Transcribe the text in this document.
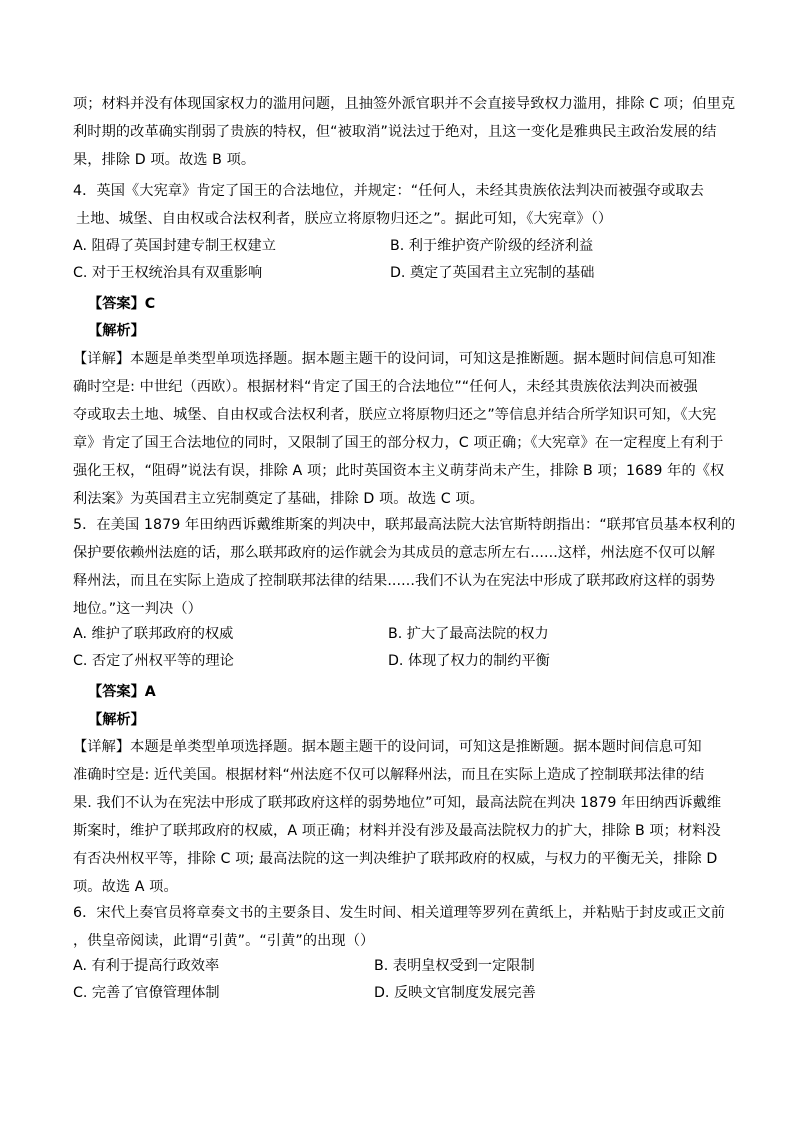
项；材料并没有体现国家权力的滥用问题，且抽签外派官职并不会直接导致权力滥用，排除 C 项；伯里克
利时期的改革确实削弱了贵族的特权，但“被取消”说法过于绝对，且这一变化是雅典民主政治发展的结
果，排除 D 项。故选 B 项。
4．英国《大宪章》肯定了国王的合法地位，并规定：“任何人，未经其贵族依法判决而被强夺或取去
土地、城堡、自由权或合法权利者，朕应立将原物归还之”。据此可知，《大宪章》（）
A. 阻碍了英国封建专制王权建立	B. 利于维护资产阶级的经济利益
C. 对于王权统治具有双重影响	D. 奠定了英国君主立宪制的基础
【答案】C
【解析】
【详解】本题是单类型单项选择题。据本题主题干的设问词，可知这是推断题。据本题时间信息可知准
确时空是: 中世纪（西欧）。根据材料“肯定了国王的合法地位”“任何人，未经其贵族依法判决而被强
夺或取去土地、城堡、自由权或合法权利者，朕应立将原物归还之”等信息并结合所学知识可知，《大宪
章》肯定了国王合法地位的同时，又限制了国王的部分权力，C 项正确；《大宪章》在一定程度上有利于
强化王权，“阻碍”说法有误，排除 A 项；此时英国资本主义萌芽尚未产生，排除 B 项；1689 年的《权
利法案》为英国君主立宪制奠定了基础，排除 D 项。故选 C 项。
5．在美国 1879 年田纳西诉戴维斯案的判决中，联邦最高法院大法官斯特朗指出：“联邦官员基本权利的
保护要依赖州法庭的话，那么联邦政府的运作就会为其成员的意志所左右......这样，州法庭不仅可以解
释州法，而且在实际上造成了控制联邦法律的结果......我们不认为在宪法中形成了联邦政府这样的弱势
地位。”这一判决（）
A. 维护了联邦政府的权威	B. 扩大了最高法院的权力
C. 否定了州权平等的理论	D. 体现了权力的制约平衡
【答案】A
【解析】
【详解】本题是单类型单项选择题。据本题主题干的设问词，可知这是推断题。据本题时间信息可知
准确时空是: 近代美国。根据材料“州法庭不仅可以解释州法，而且在实际上造成了控制联邦法律的结
果. 我们不认为在宪法中形成了联邦政府这样的弱势地位”可知，最高法院在判决 1879 年田纳西诉戴维
斯案时，维护了联邦政府的权威，A 项正确；材料并没有涉及最高法院权力的扩大，排除 B 项；材料没
有否决州权平等，排除 C 项; 最高法院的这一判决维护了联邦政府的权威，与权力的平衡无关，排除 D
项。故选 A 项。
6．宋代上奏官员将章奏文书的主要条目、发生时间、相关道理等罗列在黄纸上，并粘贴于封皮或正文前
，供皇帝阅读，此谓“引黄”。“引黄”的出现（）
A. 有利于提高行政效率	B. 表明皇权受到一定限制
C. 完善了官僚管理体制	D. 反映文官制度发展完善
